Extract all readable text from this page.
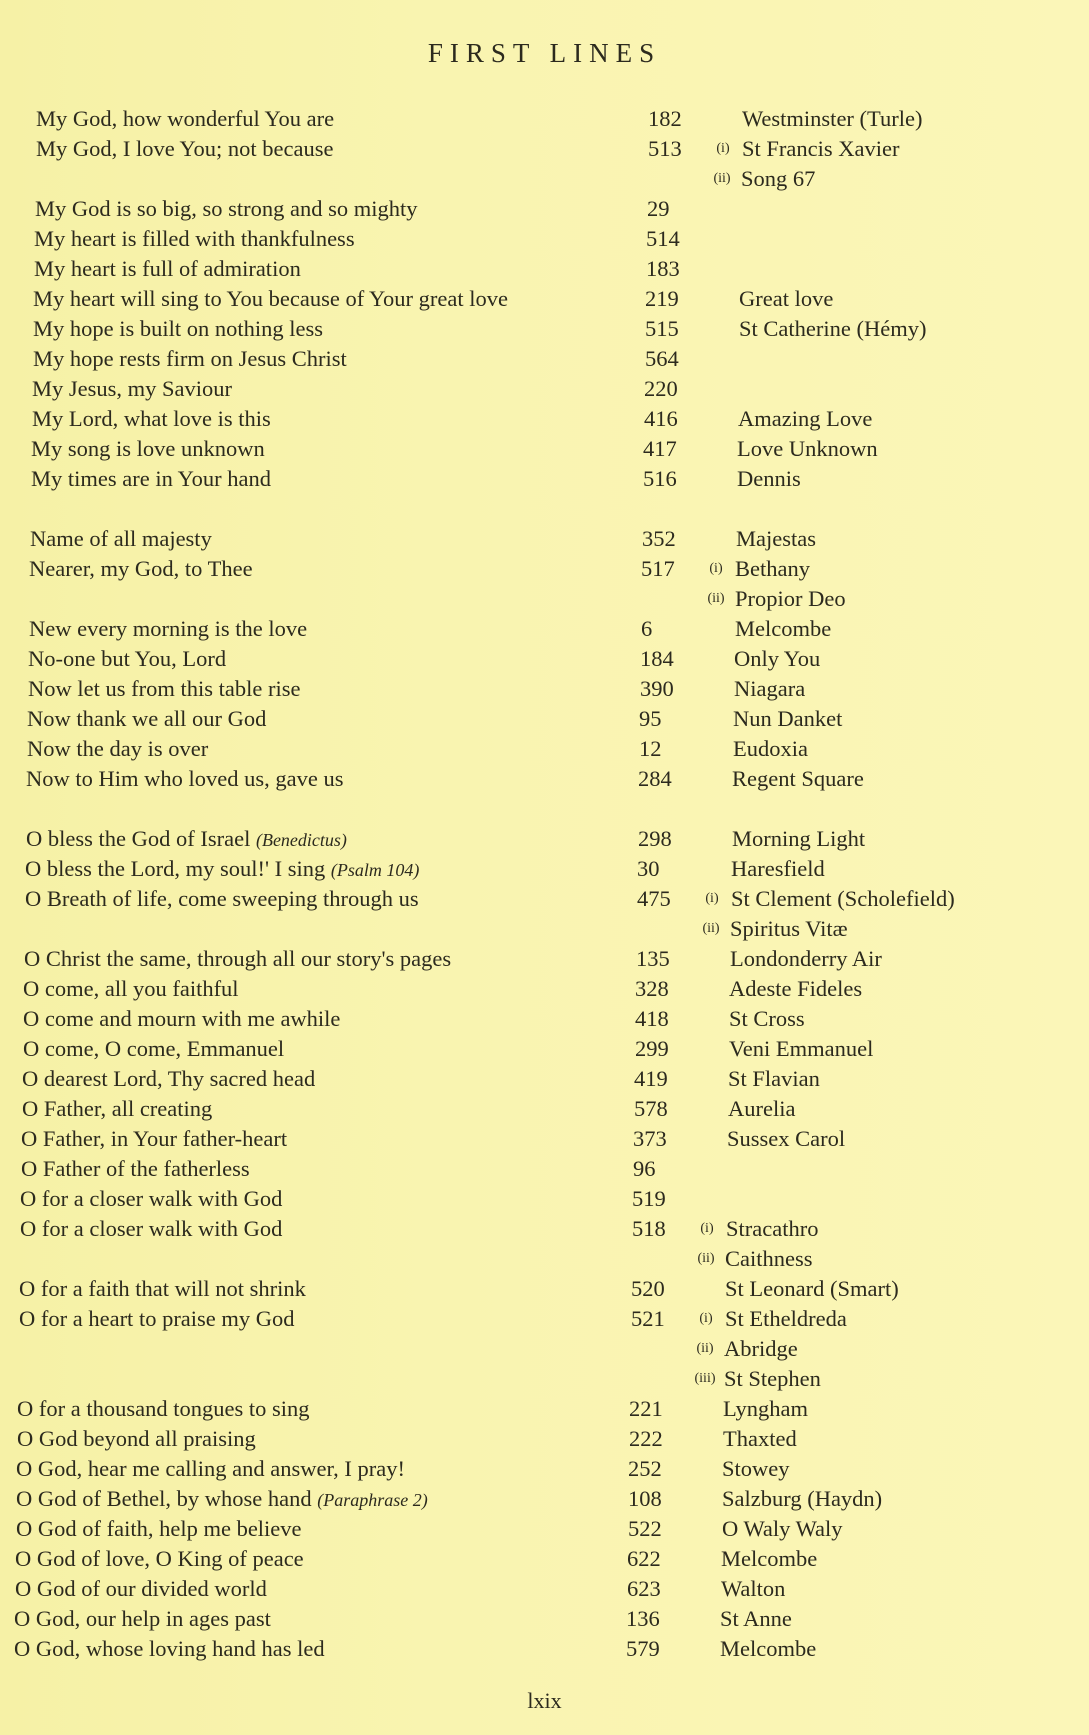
FIRST LINES
My God, how wonderful You are	182	Westminster (Turle)
My God, I love You; not because	513	(i) St Francis Xavier
(ii) Song 67
My God is so big, so strong and so mighty	29
My heart is filled with thankfulness	514
My heart is full of admiration	183
My heart will sing to You because of Your great love	219	Great love
My hope is built on nothing less	515	St Catherine (Hémy)
My hope rests firm on Jesus Christ	564
My Jesus, my Saviour	220
My Lord, what love is this	416	Amazing Love
My song is love unknown	417	Love Unknown
My times are in Your hand	516	Dennis
Name of all majesty	352	Majestas
Nearer, my God, to Thee	517	(i) Bethany
(ii) Propior Deo
New every morning is the love	6	Melcombe
No-one but You, Lord	184	Only You
Now let us from this table rise	390	Niagara
Now thank we all our God	95	Nun Danket
Now the day is over	12	Eudoxia
Now to Him who loved us, gave us	284	Regent Square
O bless the God of Israel (Benedictus)	298	Morning Light
O bless the Lord, my soul!' I sing (Psalm 104)	30	Haresfield
O Breath of life, come sweeping through us	475	(i) St Clement (Scholefield)
(ii) Spiritus Vitæ
O Christ the same, through all our story's pages	135	Londonderry Air
O come, all you faithful	328	Adeste Fideles
O come and mourn with me awhile	418	St Cross
O come, O come, Emmanuel	299	Veni Emmanuel
O dearest Lord, Thy sacred head	419	St Flavian
O Father, all creating	578	Aurelia
O Father, in Your father-heart	373	Sussex Carol
O Father of the fatherless	96
O for a closer walk with God	519
O for a closer walk with God	518	(i) Stracathro
(ii) Caithness
O for a faith that will not shrink	520	St Leonard (Smart)
O for a heart to praise my God	521	(i) St Etheldreda
(ii) Abridge
(iii) St Stephen
O for a thousand tongues to sing	221	Lyngham
O God beyond all praising	222	Thaxted
O God, hear me calling and answer, I pray!	252	Stowey
O God of Bethel, by whose hand (Paraphrase 2)	108	Salzburg (Haydn)
O God of faith, help me believe	522	O Waly Waly
O God of love, O King of peace	622	Melcombe
O God of our divided world	623	Walton
O God, our help in ages past	136	St Anne
O God, whose loving hand has led	579	Melcombe
lxix
